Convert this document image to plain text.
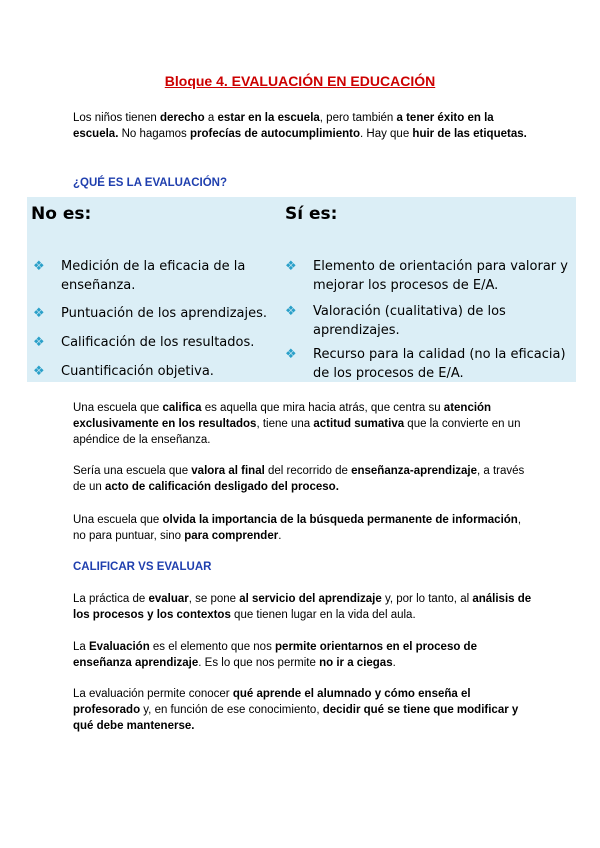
Bloque 4. EVALUACIÓN EN EDUCACIÓN

Los niños tienen derecho a estar en la escuela, pero también a tener éxito en la escuela. No hagamos profecías de autocumplimiento. Hay que huir de las etiquetas.

¿QUÉ ES LA EVALUACIÓN?

No es:	Sí es:

❖ Medición de la eficacia de la
enseñanza.
❖ Puntuación de los aprendizajes.
❖ Calificación de los resultados.
❖ Cuantificación objetiva.
❖ Elemento de orientación para valorar y
mejorar los procesos de E/A.
❖ Valoración (cualitativa) de los
aprendizajes.
❖ Recurso para la calidad (no la eficacia)
de los procesos de E/A.

Una escuela que califica es aquella que mira hacia atrás, que centra su atención exclusivamente en los resultados, tiene una actitud sumativa que la convierte en un apéndice de la enseñanza.

Sería una escuela que valora al final del recorrido de enseñanza-aprendizaje, a través de un acto de calificación desligado del proceso.

Una escuela que olvida la importancia de la búsqueda permanente de información, no para puntuar, sino para comprender.

CALIFICAR VS EVALUAR

La práctica de evaluar, se pone al servicio del aprendizaje y, por lo tanto, al análisis de los procesos y los contextos que tienen lugar en la vida del aula.

La Evaluación es el elemento que nos permite orientarnos en el proceso de enseñanza aprendizaje. Es lo que nos permite no ir a ciegas.

La evaluación permite conocer qué aprende el alumnado y cómo enseña el profesorado y, en función de ese conocimiento, decidir qué se tiene que modificar y qué debe mantenerse.
